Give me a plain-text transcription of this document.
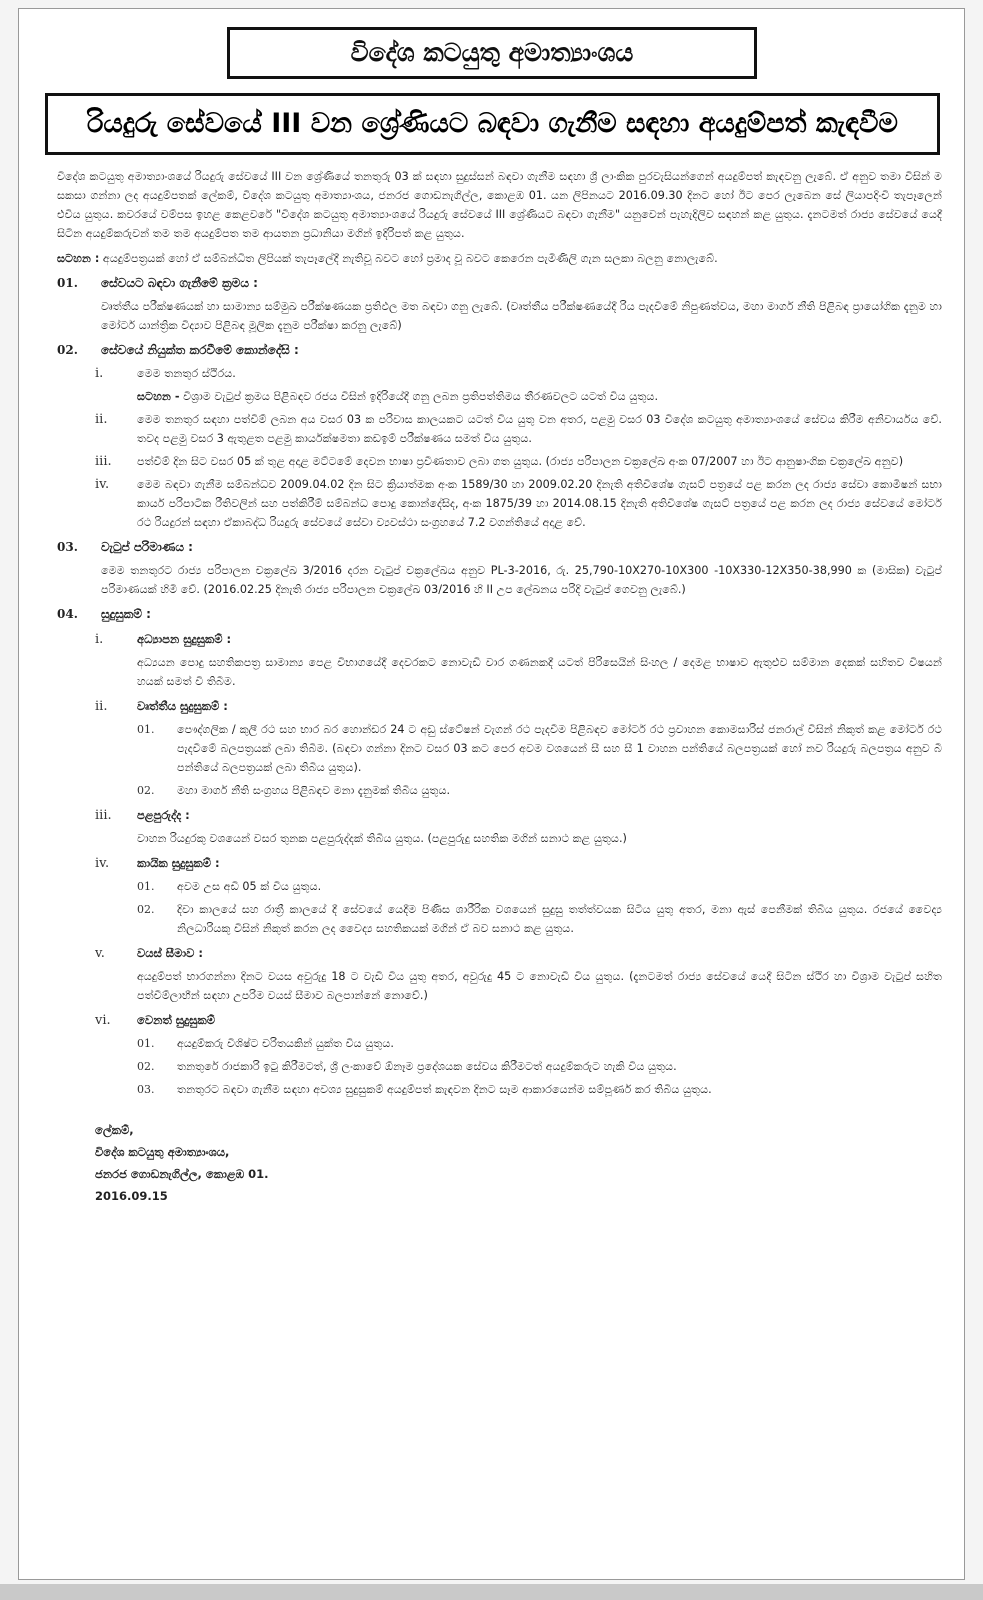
විදේශ කටයුතු අමාත්‍යාංශය
රියදුරු සේවයේ III වන ශ්‍රේණියට බඳවා ගැනීම සඳහා අයදුම්පත් කැඳවීම

විදේශ කටයුතු අමාත්‍යාංශයේ රියදුරු සේවයේ III වන ශ්‍රේණියේ තනතුරු 03 ක් සඳහා සුදුස්සන් බඳවා ගැනීම සඳහා ශ්‍රී ලාංකික පුරවැසියන්ගෙන් අයදුම්පත් කැඳවනු ලැබේ. ඒ අනුව තමා විසින් ම සකසා ගන්නා ලද අයදුම්පතක් ලේකම්, විදේශ කටයුතු අමාත්‍යාංශය, ජනරජ ගොඩනැගිල්ල, කොළඹ 01. යන ලිපිනයට 2016.09.30 දිනට හෝ ඊට පෙර ලැබෙන සේ ලියාපදිංචි තැපෑලෙන් එවිය යුතුය. කවරයේ වම්පස ඉහළ කෙළවරේ "විදේශ කටයුතු අමාත්‍යාංශයේ රියදුරු සේවයේ III ශ්‍රේණියට බඳවා ගැනීම" යනුවෙන් පැහැදිලිව සඳහන් කළ යුතුය. දැනටමත් රාජ්‍ය සේවයේ යෙදී සිටින අයදුම්කරුවන් තම තම අයදුම්පත තම ආයතන ප්‍රධානියා මගින් ඉදිරිපත් කළ යුතුය.

සටහන : අයදුම්පත්‍රයක් හෝ ඒ සම්බන්ධිත ලිපියක් තැපෑලේදී නැතිවූ බවට හෝ ප්‍රමාද වූ බවට කෙරෙන පැමිණිලි ගැන සලකා බලනු නොලැබේ.

01.	සේවයට බඳවා ගැනීමේ ක්‍රමය :

වෘත්තීය පරීක්ෂණයක් හා සාමාන්‍ය සම්මුඛ පරීක්ෂණයක ප්‍රතිඵල මත බඳවා ගනු ලැබේ. (වෘත්තීය පරීක්ෂණයේදී රිය පැදවීමේ නිපුණත්වය, මහා මාර්ග නීති පිළිබඳ ප්‍රායෝගික දැනුම හා මෝටර් යාන්ත්‍රික විද්‍යාව පිළිබඳ මූලික දැනුම පරීක්ෂා කරනු ලැබේ)

02.	සේවයේ නියුක්ත කරවීමේ කොන්දේසි :
i.	මෙම තනතුර ස්ථිරය.
සටහන - විශ්‍රාම වැටුප් ක්‍රමය පිළිබඳව රජය විසින් ඉදිරියේදී ගනු ලබන ප්‍රතිපත්තිමය තීරණවලට යටත් විය යුතුය.
ii.	මෙම තනතුර සඳහා පත්වීම් ලබන අය වසර 03 ක පරිවාස කාලයකට යටත් විය යුතු වන අතර, පළමු වසර 03 විදේශ කටයුතු අමාත්‍යාංශයේ සේවය කිරීම අනිවාර්යය වේ. තවද පළමු වසර 3 ඇතුළත පළමු කාර්යක්ෂමතා කඩඉම් පරීක්ෂණය සමත් විය යුතුය.
iii.	පත්වීම් දින සිට වසර 05 ක් තුළ අදාළ මට්ටමේ දෙවන භාෂා ප්‍රවීණතාව ලබා ගත යුතුය. (රාජ්‍ය පරිපාලන චක්‍රලේඛ අංක 07/2007 හා ඊට ආනුෂාංගික චක්‍රලේඛ අනුව)
iv.	මෙම බඳවා ගැනීම සම්බන්ධව 2009.04.02 දින සිට ක්‍රියාත්මක අංක 1589/30 හා 2009.02.20 දිනැති අතිවිශේෂ ගැසට් පත්‍රයේ පළ කරන ලද රාජ්‍ය සේවා කොමිෂන් සභා කාර්ය පරිපාටික රීතිවලින් සහ පත්කිරීම් සම්බන්ධ පොදු කොන්දේසිද, අංක 1875/39 හා 2014.08.15 දිනැති අතිවිශේෂ ගැසට් පත්‍රයේ පළ කරන ලද රාජ්‍ය සේවයේ මෝටර් රථ රියදුරන් සඳහා ඒකාබද්ධ රියදුරු සේවයේ සේවා ව්‍යවස්ථා සංග්‍රහයේ 7.2 වගන්තියේ අදාළ වේ.
03.	වැටුප් පරිමාණය :

මෙම තනතුරට රාජ්‍ය පරිපාලන චක්‍රලේඛ 3/2016 දරන වැටුප් චක්‍රලේඛය අනුව PL-3-2016, රු. 25,790-10X270-10X300 -10X330-12X350-38,990 ක (මාසික) වැටුප් පරිමාණයක් හිමි වේ. (2016.02.25 දිනැති රාජ්‍ය පරිපාලන චක්‍රලේඛ 03/2016 හි II උප ලේඛනය පරිදි වැටුප් ගෙවනු ලැබේ.)

04.	සුදුසුකම් :
i.	අධ්‍යාපන සුදුසුකම් :

අධ්‍යයන පොදු සහතිකපත්‍ර සාමාන්‍ය පෙළ විභාගයේදී දෙවරකට නොවැඩි වාර ගණනකදී යටත් පිරිසෙයින් සිංහල / දෙමළ භාෂාව ඇතුළුව සම්මාන දෙකක් සහිතව විෂයන් හයක් සමත් වී තිබීම.

ii.	වෘත්තීය සුදුසුකම් :
01.	පෞද්ගලික / කුලී රථ සහ භාර බර හොන්ඩර 24 ට අඩු ස්ටේෂන් වැගන් රථ පැදවීම පිළිබඳව මෝටර් රථ ප්‍රවාහන කොමසාරිස් ජනරාල් විසින් නිකුත් කළ මෝටර් රථ පැදවීමේ බලපත්‍රයක් ලබා තිබීම. (බඳවා ගන්නා දිනට වසර 03 කට පෙර අවම වශයෙන් සී සහ සී 1 වාහන පන්තියේ බලපත්‍රයක් හෝ නව රියදුරු බලපත්‍රය අනුව බී පන්තියේ බලපත්‍රයක් ලබා තිබිය යුතුය).
02.	මහා මාර්ග නීති සංග්‍රහය පිළිබඳව මනා දැනුමක් තිබිය යුතුය.
iii.	පළපුරුද්ද :

වාහන රියදුරකු වශයෙන් වසර තුනක පළපුරුද්දක් තිබිය යුතුය. (පළපුරුදු සහතික මගින් සනාථ කළ යුතුය.)

iv.	කායික සුදුසුකම් :
01.	අවම උස අඩි 05 ක් විය යුතුය.
02.	දිවා කාලයේ සහ රාත්‍රී කාලයේ දී සේවයේ යෙදීම පිණිස ශාරීරික වශයෙන් සුදුසු තත්ත්වයක සිටිය යුතු අතර, මනා ඇස් පෙනීමක් තිබිය යුතුය. රජයේ වෛද්‍ය නිලධාරියකු විසින් නිකුත් කරන ලද වෛද්‍ය සහතිකයක් මගින් ඒ බව සනාථ කළ යුතුය.
v.	වයස් සීමාව :

අයදුම්පත් භාරගන්නා දිනට වයස අවුරුදු 18 ට වැඩි විය යුතු අතර, අවුරුදු 45 ට නොවැඩි විය යුතුය. (දැනටමත් රාජ්‍ය සේවයේ යෙදී සිටින ස්ථිර හා විශ්‍රාම වැටුප් සහිත පත්වීම්ලාභීන් සඳහා උපරිම වයස් සීමාව බලපාන්නේ නොවේ.)

vi.	වෙනත් සුදුසුකම්
01.	අයදුම්කරු විශිෂ්ට චරිතයකින් යුක්ත විය යුතුය.
02.	තනතුරේ රාජකාරි ඉටු කිරීමටත්, ශ්‍රී ලංකාවේ ඕනෑම ප්‍රදේශයක සේවය කිරීමටත් අයදුම්කරුට හැකි විය යුතුය.
03.	තනතුරට බඳවා ගැනීම සඳහා අවශ්‍ය සුදුසුකම් අයදුම්පත් කැඳවන දිනට සෑම ආකාරයෙන්ම සම්පූර්ණ කර තිබිය යුතුය.
ලේකම්,
විදේශ කටයුතු අමාත්‍යාංශය,
ජනරජ ගොඩනැගිල්ල, කොළඹ 01.
2016.09.15
